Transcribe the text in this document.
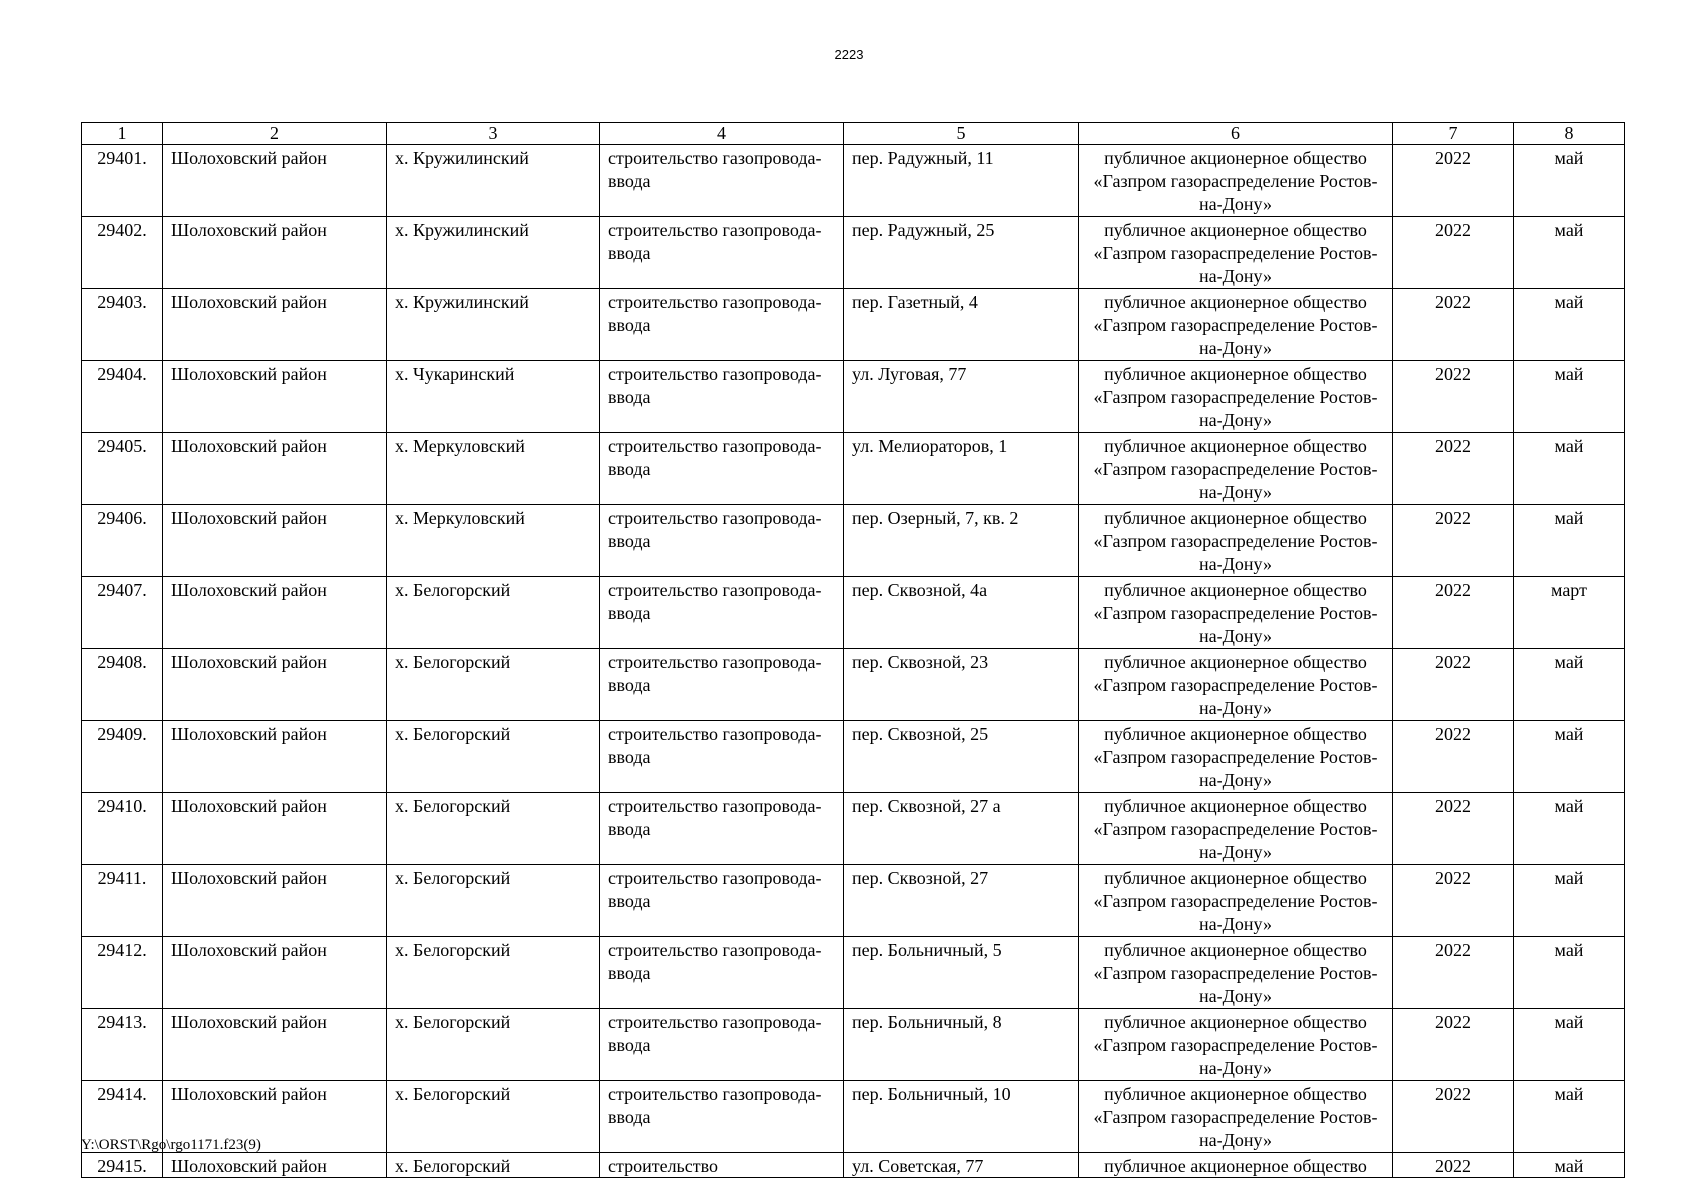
2223
1	2	3	4	5	6	7	8
29401.	Шолоховский район	х. Кружилинский	строительство газопровода-ввода	пер. Радужный, 11	публичное акционерное общество «Газпром газораспределение Ростов-на-Дону»	2022	май
29402.	Шолоховский район	х. Кружилинский	строительство газопровода-ввода	пер. Радужный, 25	публичное акционерное общество «Газпром газораспределение Ростов-на-Дону»	2022	май
29403.	Шолоховский район	х. Кружилинский	строительство газопровода-ввода	пер. Газетный, 4	публичное акционерное общество «Газпром газораспределение Ростов-на-Дону»	2022	май
29404.	Шолоховский район	х. Чукаринский	строительство газопровода-ввода	ул. Луговая, 77	публичное акционерное общество «Газпром газораспределение Ростов-на-Дону»	2022	май
29405.	Шолоховский район	х. Меркуловский	строительство газопровода-ввода	ул. Мелиораторов, 1	публичное акционерное общество «Газпром газораспределение Ростов-на-Дону»	2022	май
29406.	Шолоховский район	х. Меркуловский	строительство газопровода-ввода	пер. Озерный, 7, кв. 2	публичное акционерное общество «Газпром газораспределение Ростов-на-Дону»	2022	май
29407.	Шолоховский район	х. Белогорский	строительство газопровода-ввода	пер. Сквозной, 4а	публичное акционерное общество «Газпром газораспределение Ростов-на-Дону»	2022	март
29408.	Шолоховский район	х. Белогорский	строительство газопровода-ввода	пер. Сквозной, 23	публичное акционерное общество «Газпром газораспределение Ростов-на-Дону»	2022	май
29409.	Шолоховский район	х. Белогорский	строительство газопровода-ввода	пер. Сквозной, 25	публичное акционерное общество «Газпром газораспределение Ростов-на-Дону»	2022	май
29410.	Шолоховский район	х. Белогорский	строительство газопровода-ввода	пер. Сквозной, 27 а	публичное акционерное общество «Газпром газораспределение Ростов-на-Дону»	2022	май
29411.	Шолоховский район	х. Белогорский	строительство газопровода-ввода	пер. Сквозной, 27	публичное акционерное общество «Газпром газораспределение Ростов-на-Дону»	2022	май
29412.	Шолоховский район	х. Белогорский	строительство газопровода-ввода	пер. Больничный, 5	публичное акционерное общество «Газпром газораспределение Ростов-на-Дону»	2022	май
29413.	Шолоховский район	х. Белогорский	строительство газопровода-ввода	пер. Больничный, 8	публичное акционерное общество «Газпром газораспределение Ростов-на-Дону»	2022	май
29414.	Шолоховский район	х. Белогорский	строительство газопровода-ввода	пер. Больничный, 10	публичное акционерное общество «Газпром газораспределение Ростов-на-Дону»	2022	май

29415.	Шолоховский район	х. Белогорский	строительство	ул. Советская, 77	публичное акционерное общество	2022	май
Y:\ORST\Rgo\rgo1171.f23(9)
